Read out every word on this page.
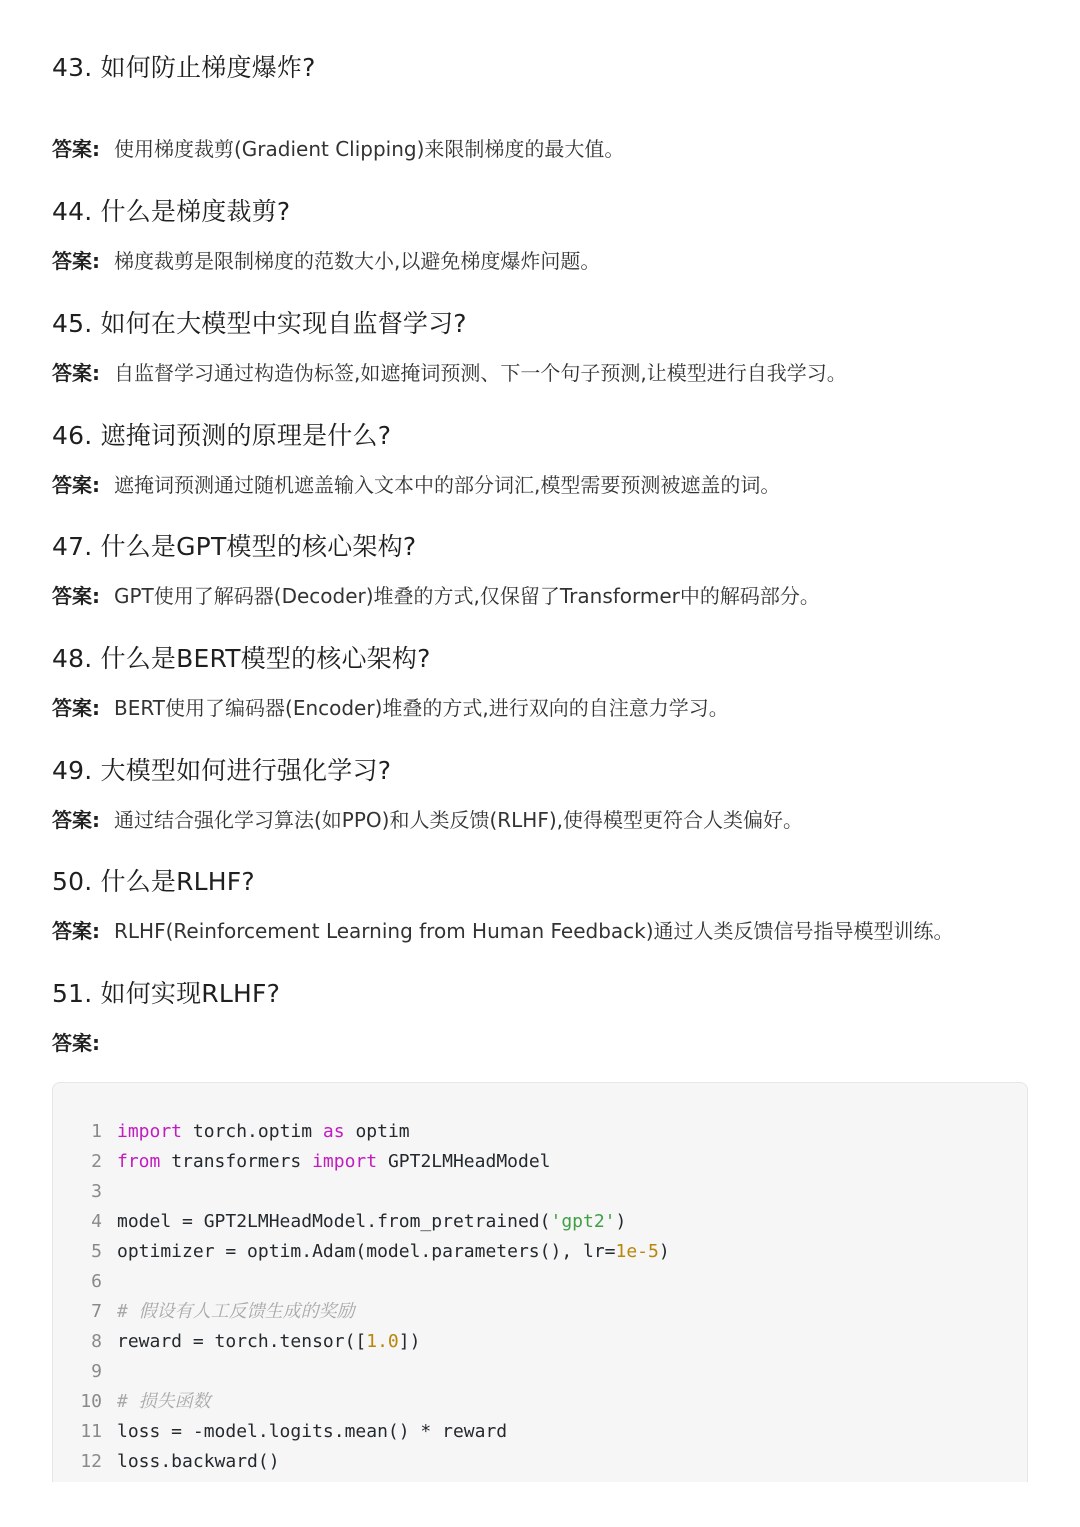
43. 如何防止梯度爆炸?

答案: 使用梯度裁剪(Gradient Clipping)来限制梯度的最大值。

44. 什么是梯度裁剪?

答案: 梯度裁剪是限制梯度的范数大小,以避免梯度爆炸问题。

45. 如何在大模型中实现自监督学习?

答案: 自监督学习通过构造伪标签,如遮掩词预测、下一个句子预测,让模型进行自我学习。

46. 遮掩词预测的原理是什么?

答案: 遮掩词预测通过随机遮盖输入文本中的部分词汇,模型需要预测被遮盖的词。

47. 什么是GPT模型的核心架构?

答案: GPT使用了解码器(Decoder)堆叠的方式,仅保留了Transformer中的解码部分。

48. 什么是BERT模型的核心架构?

答案: BERT使用了编码器(Encoder)堆叠的方式,进行双向的自注意力学习。

49. 大模型如何进行强化学习?

答案: 通过结合强化学习算法(如PPO)和人类反馈(RLHF),使得模型更符合人类偏好。

50. 什么是RLHF?

答案: RLHF(Reinforcement Learning from Human Feedback)通过人类反馈信号指导模型训练。

51. 如何实现RLHF?

答案:

1 import torch.optim as optim
2 from transformers import GPT2LMHeadModel
3
4 model = GPT2LMHeadModel.from_pretrained('gpt2')
5 optimizer = optim.Adam(model.parameters(), lr=1e-5)
6
7 # 假设有人工反馈生成的奖励
8 reward = torch.tensor([1.0])
9
10 # 损失函数
11 loss = -model.logits.mean() * reward
12 loss.backward()
